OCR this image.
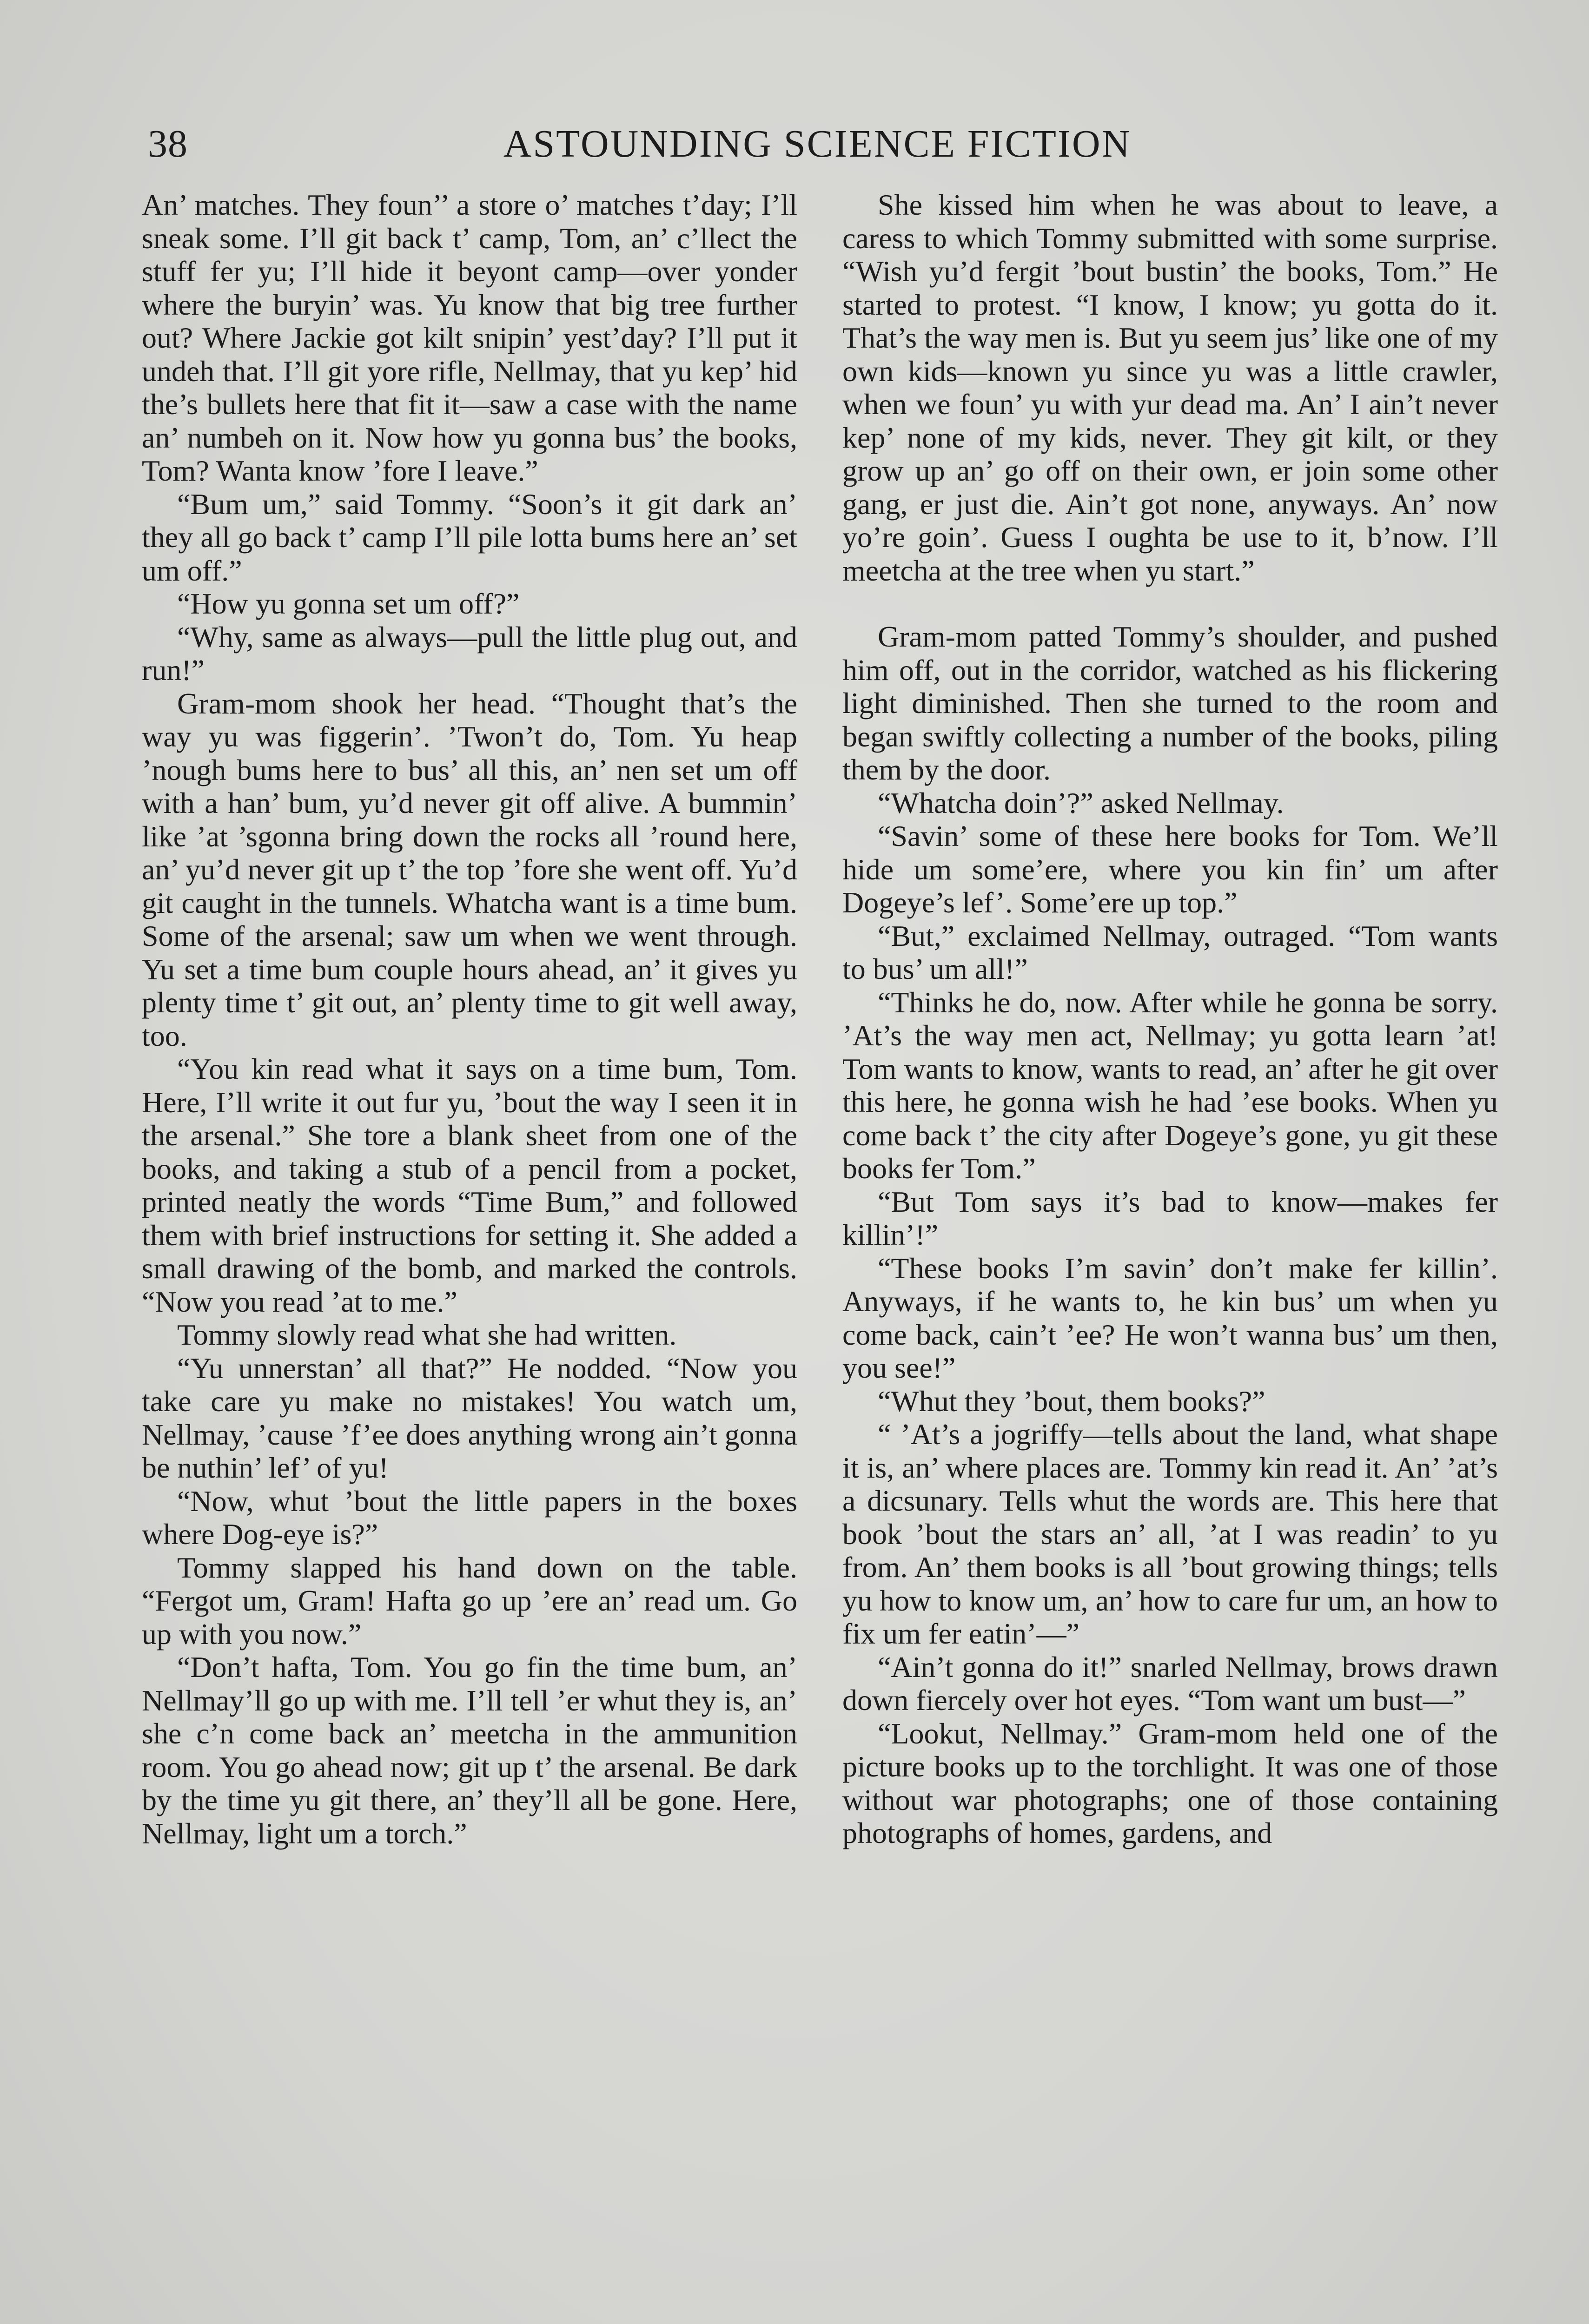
38	ASTOUNDING SCIENCE FICTION

An’ matches. They foun’’ a store o’ matches t’day; I’ll sneak some. I’ll git back t’ camp, Tom, an’ c’llect the stuff fer yu; I’ll hide it beyont camp—over yonder where the buryin’ was. Yu know that big tree further out? Where Jackie got kilt snipin’ yest’day? I’ll put it undeh that. I’ll git yore rifle, Nellmay, that yu kep’ hid the’s bullets here that fit it—saw a case with the name an’ numbeh on it. Now how yu gonna bus’ the books, Tom? Wanta know ’fore I leave.”

“Bum um,” said Tommy. “Soon’s it git dark an’ they all go back t’ camp I’ll pile lotta bums here an’ set um off.”

“How yu gonna set um off?”

“Why, same as always—pull the little plug out, and run!”

Gram-mom shook her head. “Thought that’s the way yu was figgerin’. ’Twon’t do, Tom. Yu heap ’nough bums here to bus’ all this, an’ nen set um off with a han’ bum, yu’d never git off alive. A bummin’ like ’at ’sgonna bring down the rocks all ’round here, an’ yu’d never git up t’ the top ’fore she went off. Yu’d git caught in the tunnels. Whatcha want is a time bum. Some of the arsenal; saw um when we went through. Yu set a time bum couple hours ahead, an’ it gives yu plenty time t’ git out, an’ plenty time to git well away, too.

“You kin read what it says on a time bum, Tom. Here, I’ll write it out fur yu, ’bout the way I seen it in the arsenal.” She tore a blank sheet from one of the books, and taking a stub of a pencil from a pocket, printed neatly the words “Time Bum,” and followed them with brief instructions for setting it. She added a small drawing of the bomb, and marked the controls. “Now you read ’at to me.”

Tommy slowly read what she had written.

“Yu unnerstan’ all that?” He nodded. “Now you take care yu make no mistakes! You watch um, Nellmay, ’cause ’f’ee does anything wrong ain’t gonna be nuthin’ lef’ of yu!

“Now, whut ’bout the little papers in the boxes where Dog-eye is?”

Tommy slapped his hand down on the table. “Fergot um, Gram! Hafta go up ’ere an’ read um. Go up with you now.”

“Don’t hafta, Tom. You go fin the time bum, an’ Nellmay’ll go up with me. I’ll tell ’er whut they is, an’ she c’n come back an’ meetcha in the ammunition room. You go ahead now; git up t’ the arsenal. Be dark by the time yu git there, an’ they’ll all be gone. Here, Nellmay, light um a torch.”

She kissed him when he was about to leave, a caress to which Tommy submitted with some surprise. “Wish yu’d fergit ’bout bustin’ the books, Tom.” He started to protest. “I know, I know; yu gotta do it. That’s the way men is. But yu seem jus’ like one of my own kids—known yu since yu was a little crawler, when we foun’ yu with yur dead ma. An’ I ain’t never kep’ none of my kids, never. They git kilt, or they grow up an’ go off on their own, er join some other gang, er just die. Ain’t got none, anyways. An’ now yo’re goin’. Guess I oughta be use to it, b’now. I’ll meetcha at the tree when yu start.”

Gram-mom patted Tommy’s shoulder, and pushed him off, out in the corridor, watched as his flickering light diminished. Then she turned to the room and began swiftly collecting a number of the books, piling them by the door.

“Whatcha doin’?” asked Nellmay.

“Savin’ some of these here books for Tom. We’ll hide um some’ere, where you kin fin’ um after Dogeye’s lef’. Some’ere up top.”

“But,” exclaimed Nellmay, outraged. “Tom wants to bus’ um all!”

“Thinks he do, now. After while he gonna be sorry. ’At’s the way men act, Nellmay; yu gotta learn ’at! Tom wants to know, wants to read, an’ after he git over this here, he gonna wish he had ’ese books. When yu come back t’ the city after Dogeye’s gone, yu git these books fer Tom.”

“But Tom says it’s bad to know—makes fer killin’!”

“These books I’m savin’ don’t make fer killin’. Anyways, if he wants to, he kin bus’ um when yu come back, cain’t ’ee? He won’t wanna bus’ um then, you see!”

“Whut they ’bout, them books?”

“ ’At’s a jogriffy—tells about the land, what shape it is, an’ where places are. Tommy kin read it. An’ ’at’s a dicsunary. Tells whut the words are. This here that book ’bout the stars an’ all, ’at I was readin’ to yu from. An’ them books is all ’bout growing things; tells yu how to know um, an’ how to care fur um, an how to fix um fer eatin’—”

“Ain’t gonna do it!” snarled Nellmay, brows drawn down fiercely over hot eyes. “Tom want um bust—”

“Lookut, Nellmay.” Gram-mom held one of the picture books up to the torchlight. It was one of those without war photographs; one of those containing photographs of homes, gardens, and
